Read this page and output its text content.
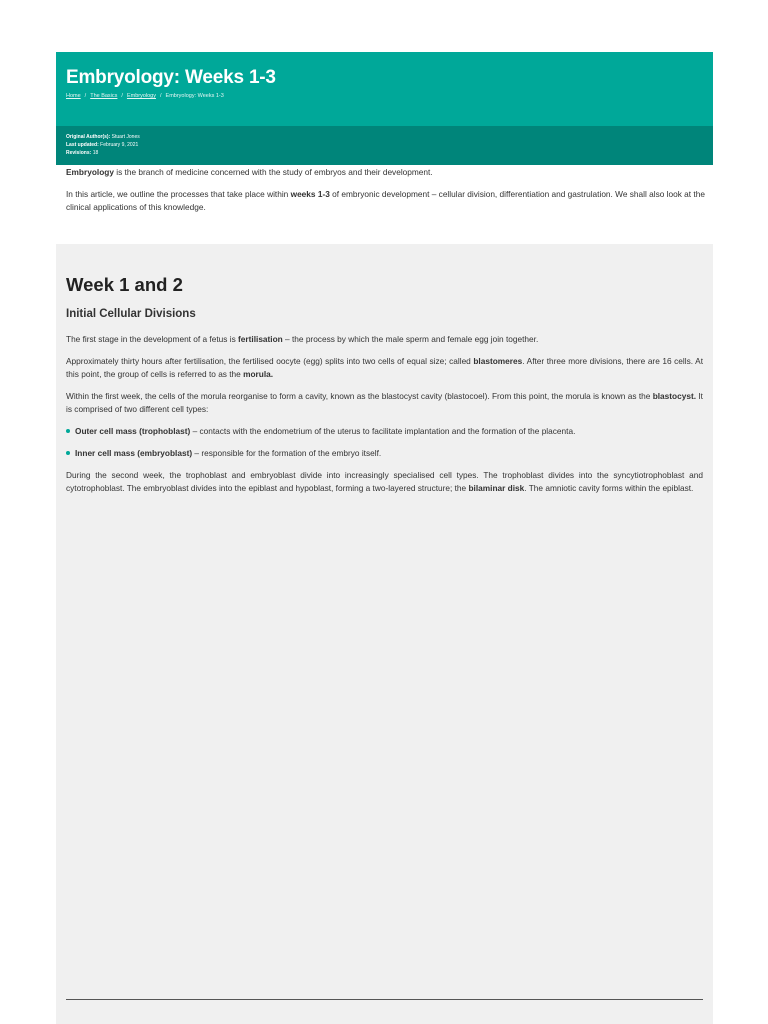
Embryology: Weeks 1-3
Home / The Basics / Embryology / Embryology: Weeks 1-3
Original Author(s): Stuart Jones
Last updated: February 9, 2021
Revisions: 18

Embryology is the branch of medicine concerned with the study of embryos and their development.

In this article, we outline the processes that take place within weeks 1-3 of embryonic development – cellular division, differentiation and gastrulation. We shall also look at the clinical applications of this knowledge.

Week 1 and 2
Initial Cellular Divisions

The first stage in the development of a fetus is fertilisation – the process by which the male sperm and female egg join together.

Approximately thirty hours after fertilisation, the fertilised oocyte (egg) splits into two cells of equal size; called blastomeres. After three more divisions, there are 16 cells. At this point, the group of cells is referred to as the morula.

Within the first week, the cells of the morula reorganise to form a cavity, known as the blastocyst cavity (blastocoel). From this point, the morula is known as the blastocyst. It is comprised of two different cell types:

Outer cell mass (trophoblast) – contacts with the endometrium of the uterus to facilitate implantation and the formation of the placenta.
Inner cell mass (embryoblast) – responsible for the formation of the embryo itself.

During the second week, the trophoblast and embryoblast divide into increasingly specialised cell types. The trophoblast divides into the syncytiotrophoblast and cytotrophoblast. The embryoblast divides into the epiblast and hypoblast, forming a two-layered structure; the bilaminar disk. The amniotic cavity forms within the epiblast.
